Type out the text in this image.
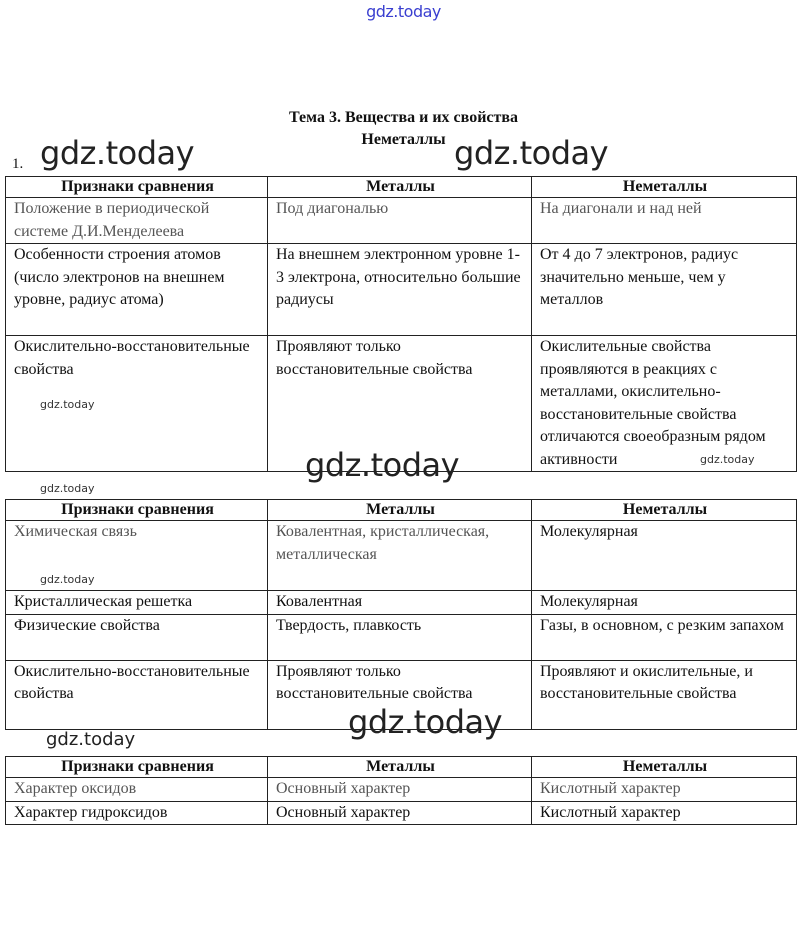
gdz.today
Тема 3. Вещества и их свойства
Неметаллы
1.
Признаки сравнения	Металлы	Неметаллы
Положение в периодической системе Д.И.Менделеева	Под диагональю	На диагонали и над ней
Особенности строения атомов (число электронов на внешнем уровне, радиус атома)	На внешнем электронном уровне 1-3 электрона, относительно большие радиусы	От 4 до 7 электронов, радиус значительно меньше, чем у металлов
Окислительно-восстановительные свойства	Проявляют только восстановительные свойства	Окислительные свойства проявляются в реакциях с металлами, окислительно-восстановительные свойства отличаются своеобразным рядом активности
Признаки сравнения	Металлы	Неметаллы
Химическая связь	Ковалентная, кристаллическая, металлическая	Молекулярная
Кристаллическая решетка	Ковалентная	Молекулярная
Физические свойства	Твердость, плавкость	Газы, в основном, с резким запахом
Окислительно-восстановительные свойства	Проявляют только восстановительные свойства	Проявляют и окислительные, и восстановительные свойства
Признаки сравнения	Металлы	Неметаллы
Характер оксидов	Основный характер	Кислотный характер
Характер гидроксидов	Основный характер	Кислотный характер
gdz.today	gdz.today
gdz.today
gdz.today
gdz.today
gdz.today
gdz.today
gdz.today
gdz.today
